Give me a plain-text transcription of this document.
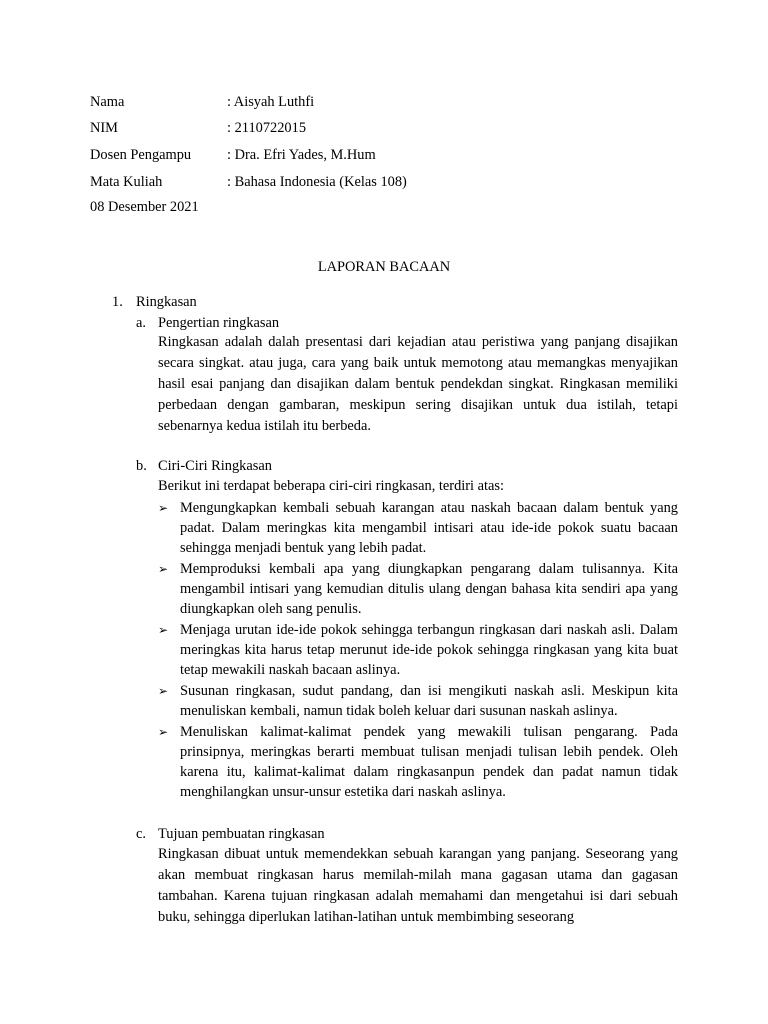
Nama	: Aisyah Luthfi
NIM	: 2110722015
Dosen Pengampu : Dra. Efri Yades, M.Hum
Mata Kuliah	: Bahasa Indonesia (Kelas 108)
08 Desember 2021
LAPORAN BACAAN
1. Ringkasan
a. Pengertian ringkasan
Ringkasan adalah dalah presentasi dari kejadian atau peristiwa yang panjang disajikan secara singkat. atau juga, cara yang baik untuk memotong atau memangkas menyajikan hasil esai panjang dan disajikan dalam bentuk pendekdan singkat. Ringkasan memiliki perbedaan dengan gambaran, meskipun sering disajikan untuk dua istilah, tetapi sebenarnya kedua istilah itu berbeda.
b. Ciri-Ciri Ringkasan
Berikut ini terdapat beberapa ciri-ciri ringkasan, terdiri atas:
➢ Mengungkapkan kembali sebuah karangan atau naskah bacaan dalam bentuk yang padat. Dalam meringkas kita mengambil intisari atau ide-ide pokok suatu bacaan sehingga menjadi bentuk yang lebih padat.
➢ Memproduksi kembali apa yang diungkapkan pengarang dalam tulisannya. Kita mengambil intisari yang kemudian ditulis ulang dengan bahasa kita sendiri apa yang diungkapkan oleh sang penulis.
➢ Menjaga urutan ide-ide pokok sehingga terbangun ringkasan dari naskah asli. Dalam meringkas kita harus tetap merunut ide-ide pokok sehingga ringkasan yang kita buat tetap mewakili naskah bacaan aslinya.
➢ Susunan ringkasan, sudut pandang, dan isi mengikuti naskah asli. Meskipun kita menuliskan kembali, namun tidak boleh keluar dari susunan naskah aslinya.
➢ Menuliskan kalimat-kalimat pendek yang mewakili tulisan pengarang. Pada prinsipnya, meringkas berarti membuat tulisan menjadi tulisan lebih pendek. Oleh karena itu, kalimat-kalimat dalam ringkasanpun pendek dan padat namun tidak menghilangkan unsur-unsur estetika dari naskah aslinya.
c. Tujuan pembuatan ringkasan
Ringkasan dibuat untuk memendekkan sebuah karangan yang panjang. Seseorang yang akan membuat ringkasan harus memilah-milah mana gagasan utama dan gagasan tambahan. Karena tujuan ringkasan adalah memahami dan mengetahui isi dari sebuah buku, sehingga diperlukan latihan-latihan untuk membimbing seseorang
